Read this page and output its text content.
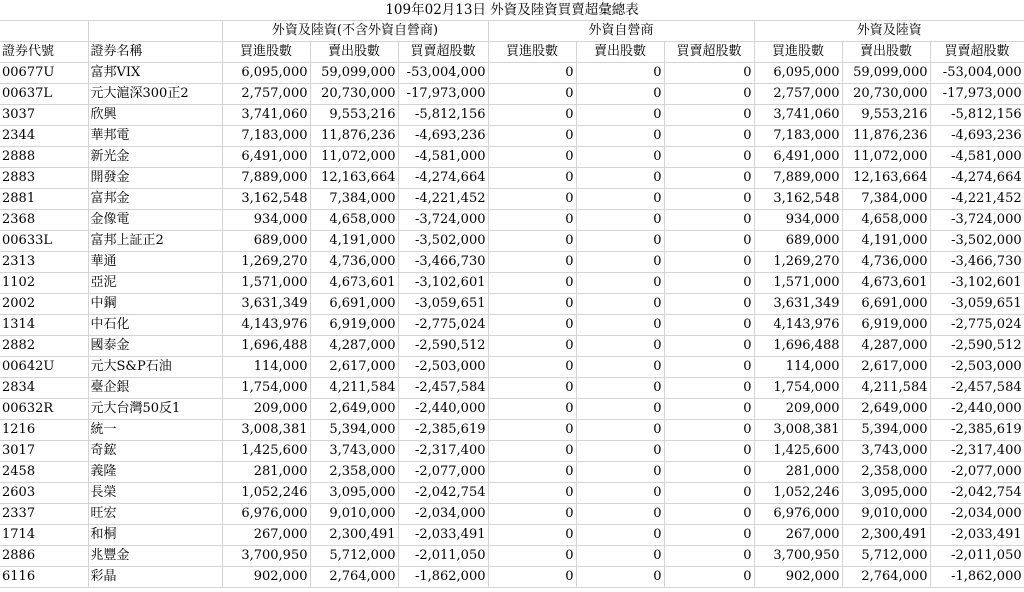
109年02月13日 外資及陸資買賣超彙總表										
		外資及陸資(不含外資自營商)			外資自營商			外資及陸資		
證券代號	證券名稱	買進股數	賣出股數	買賣超股數	買進股數	賣出股數	買賣超股數	買進股數	賣出股數	買賣超股數
00677U	富邦VIX	6,095,000	59,099,000	-53,004,000	0	0	0	6,095,000	59,099,000	-53,004,000
00637L	元大滬深300正2	2,757,000	20,730,000	-17,973,000	0	0	0	2,757,000	20,730,000	-17,973,000
3037	欣興	3,741,060	9,553,216	-5,812,156	0	0	0	3,741,060	9,553,216	-5,812,156
2344	華邦電	7,183,000	11,876,236	-4,693,236	0	0	0	7,183,000	11,876,236	-4,693,236
2888	新光金	6,491,000	11,072,000	-4,581,000	0	0	0	6,491,000	11,072,000	-4,581,000
2883	開發金	7,889,000	12,163,664	-4,274,664	0	0	0	7,889,000	12,163,664	-4,274,664
2881	富邦金	3,162,548	7,384,000	-4,221,452	0	0	0	3,162,548	7,384,000	-4,221,452
2368	金像電	934,000	4,658,000	-3,724,000	0	0	0	934,000	4,658,000	-3,724,000
00633L	富邦上証正2	689,000	4,191,000	-3,502,000	0	0	0	689,000	4,191,000	-3,502,000
2313	華通	1,269,270	4,736,000	-3,466,730	0	0	0	1,269,270	4,736,000	-3,466,730
1102	亞泥	1,571,000	4,673,601	-3,102,601	0	0	0	1,571,000	4,673,601	-3,102,601
2002	中鋼	3,631,349	6,691,000	-3,059,651	0	0	0	3,631,349	6,691,000	-3,059,651
1314	中石化	4,143,976	6,919,000	-2,775,024	0	0	0	4,143,976	6,919,000	-2,775,024
2882	國泰金	1,696,488	4,287,000	-2,590,512	0	0	0	1,696,488	4,287,000	-2,590,512
00642U	元大S&P石油	114,000	2,617,000	-2,503,000	0	0	0	114,000	2,617,000	-2,503,000
2834	臺企銀	1,754,000	4,211,584	-2,457,584	0	0	0	1,754,000	4,211,584	-2,457,584
00632R	元大台灣50反1	209,000	2,649,000	-2,440,000	0	0	0	209,000	2,649,000	-2,440,000
1216	統一	3,008,381	5,394,000	-2,385,619	0	0	0	3,008,381	5,394,000	-2,385,619
3017	奇鋐	1,425,600	3,743,000	-2,317,400	0	0	0	1,425,600	3,743,000	-2,317,400
2458	義隆	281,000	2,358,000	-2,077,000	0	0	0	281,000	2,358,000	-2,077,000
2603	長榮	1,052,246	3,095,000	-2,042,754	0	0	0	1,052,246	3,095,000	-2,042,754
2337	旺宏	6,976,000	9,010,000	-2,034,000	0	0	0	6,976,000	9,010,000	-2,034,000
1714	和桐	267,000	2,300,491	-2,033,491	0	0	0	267,000	2,300,491	-2,033,491
2886	兆豐金	3,700,950	5,712,000	-2,011,050	0	0	0	3,700,950	5,712,000	-2,011,050
6116	彩晶	902,000	2,764,000	-1,862,000	0	0	0	902,000	2,764,000	-1,862,000
